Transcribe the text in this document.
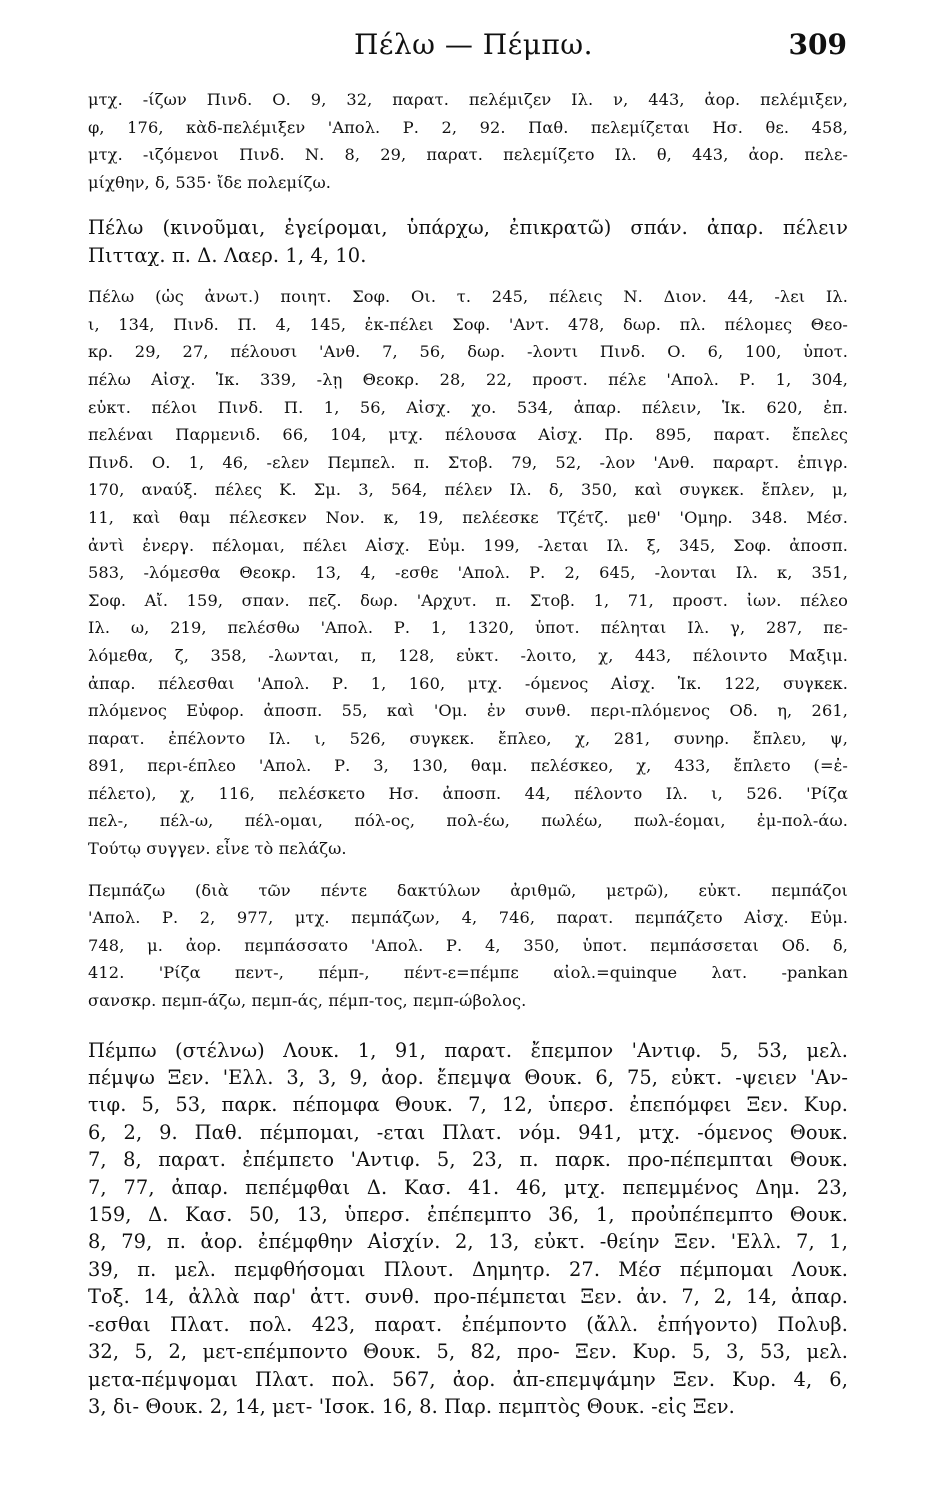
Πέλω — Πέμπω.	309
μτχ. -ίζων Πινδ. Ο. 9, 32, παρατ. πελέμιζεν Ιλ. ν, 443, ἀορ. πελέμιξεν,
φ, 176, κὰδ-πελέμιξεν 'Απολ. Ρ. 2, 92. Παθ. πελεμίζεται Ησ. θε. 458,
μτχ. -ιζόμενοι Πινδ. Ν. 8, 29, παρατ. πελεμίζετο Ιλ. θ, 443, ἀορ. πελε-
μίχθην, δ, 535· ἴδε πολεμίζω.
Πέλω (κινοῦμαι, ἐγείρομαι, ὑπάρχω, ἐπικρατῶ) σπάν. ἀπαρ. πέλειν
Πιτταχ. π. Δ. Λαερ. 1, 4, 10.
Πέλω (ὡς ἀνωτ.) ποιητ. Σοφ. Οι. τ. 245, πέλεις Ν. Διον. 44, -λει Ιλ.
ι, 134, Πινδ. Π. 4, 145, ἐκ-πέλει Σοφ. 'Αντ. 478, δωρ. πλ. πέλομες Θεο-
κρ. 29, 27, πέλουσι 'Ανθ. 7, 56, δωρ. -λοντι Πινδ. Ο. 6, 100, ὑποτ.
πέλω Αἰσχ. Ἱκ. 339, -λῃ Θεοκρ. 28, 22, προστ. πέλε 'Απολ. Ρ. 1, 304,
εὐκτ. πέλοι Πινδ. Π. 1, 56, Αἰσχ. χο. 534, ἀπαρ. πέλειν, Ἱκ. 620, ἐπ.
πελέναι Παρμενιδ. 66, 104, μτχ. πέλουσα Αἰσχ. Πρ. 895, παρατ. ἔπελες
Πινδ. Ο. 1, 46, -ελεν Πεμπελ. π. Στοβ. 79, 52, -λον 'Ανθ. παραρτ. ἐπιγρ.
170, αναύξ. πέλες Κ. Σμ. 3, 564, πέλεν Ιλ. δ, 350, καὶ συγκεκ. ἔπλεν, μ,
11, καὶ θαμ πέλεσκεν Νον. κ, 19, πελέεσκε Τζέτζ. μεθ' 'Ομηρ. 348. Μέσ.
ἀντὶ ἐνεργ. πέλομαι, πέλει Αἰσχ. Εὐμ. 199, -λεται Ιλ. ξ, 345, Σοφ. ἀποσπ.
583, -λόμεσθα Θεοκρ. 13, 4, -εσθε 'Απολ. Ρ. 2, 645, -λονται Ιλ. κ, 351,
Σοφ. Αἴ. 159, σπαν. πεζ. δωρ. 'Αρχυτ. π. Στοβ. 1, 71, προστ. ἰων. πέλεο
Ιλ. ω, 219, πελέσθω 'Απολ. Ρ. 1, 1320, ὑποτ. πέληται Ιλ. γ, 287, πε-
λόμεθα, ζ, 358, -λωνται, π, 128, εὐκτ. -λοιτο, χ, 443, πέλοιντο Μαξιμ.
ἀπαρ. πέλεσθαι 'Απολ. Ρ. 1, 160, μτχ. -όμενος Αἰσχ. Ἱκ. 122, συγκεκ.
πλόμενος Εὐφορ. ἀποσπ. 55, καὶ 'Ομ. ἐν συνθ. περι-πλόμενος Οδ. η, 261,
παρατ. ἐπέλοντο Ιλ. ι, 526, συγκεκ. ἔπλεο, χ, 281, συνηρ. ἔπλευ, ψ,
891, περι-έπλεο 'Απολ. Ρ. 3, 130, θαμ. πελέσκεο, χ, 433, ἔπλετο (=ἐ-
πέλετο), χ, 116, πελέσκετο Ησ. ἀποσπ. 44, πέλοντο Ιλ. ι, 526. 'Ρίζα
πελ-, πέλ-ω, πέλ-ομαι, πόλ-ος, πολ-έω, πωλέω, πωλ-έομαι, ἐμ-πολ-άω.
Τούτῳ συγγεν. εἶνε τὸ πελάζω.
Πεμπάζω (διὰ τῶν πέντε δακτύλων ἀριθμῶ, μετρῶ), εὐκτ. πεμπάζοι
'Απολ. Ρ. 2, 977, μτχ. πεμπάζων, 4, 746, παρατ. πεμπάζετο Αἰσχ. Εὐμ.
748, μ. ἀορ. πεμπάσσατο 'Απολ. Ρ. 4, 350, ὑποτ. πεμπάσσεται Οδ. δ,
412. 'Ρίζα πεντ-, πέμπ-, πέντ-ε=πέμπε αἰολ.=quinque λατ. -pankan
σανσκρ. πεμπ-άζω, πεμπ-άς, πέμπ-τος, πεμπ-ώβολος.
Πέμπω (στέλνω) Λουκ. 1, 91, παρατ. ἔπεμπον 'Αντιφ. 5, 53, μελ.
πέμψω Ξεν. 'Ελλ. 3, 3, 9, ἀορ. ἔπεμψα Θουκ. 6, 75, εὐκτ. -ψειεν 'Αν-
τιφ. 5, 53, παρκ. πέπομφα Θουκ. 7, 12, ὑπερσ. ἐπεπόμφει Ξεν. Κυρ.
6, 2, 9. Παθ. πέμπομαι, -εται Πλατ. νόμ. 941, μτχ. -όμενος Θουκ.
7, 8, παρατ. ἐπέμπετο 'Αντιφ. 5, 23, π. παρκ. προ-πέπεμπται Θουκ.
7, 77, ἀπαρ. πεπέμφθαι Δ. Κασ. 41. 46, μτχ. πεπεμμένος Δημ. 23,
159, Δ. Κασ. 50, 13, ὑπερσ. ἐπέπεμπτο 36, 1, προὐπέπεμπτο Θουκ.
8, 79, π. ἀορ. ἐπέμφθην Αἰσχίν. 2, 13, εὐκτ. -θείην Ξεν. 'Ελλ. 7, 1,
39, π. μελ. πεμφθήσομαι Πλουτ. Δημητρ. 27. Μέσ πέμπομαι Λουκ.
Τοξ. 14, ἀλλὰ παρ' ἀττ. συνθ. προ-πέμπεται Ξεν. ἀν. 7, 2, 14, ἀπαρ.
-εσθαι Πλατ. πολ. 423, παρατ. ἐπέμποντο (ἄλλ. ἐπήγοντο) Πολυβ.
32, 5, 2, μετ-επέμποντο Θουκ. 5, 82, προ- Ξεν. Κυρ. 5, 3, 53, μελ.
μετα-πέμψομαι Πλατ. πολ. 567, ἀορ. ἀπ-επεμψάμην Ξεν. Κυρ. 4, 6,
3, δι- Θουκ. 2, 14, μετ- 'Ισοκ. 16, 8. Παρ. πεμπτὸς Θουκ. -εἰς Ξεν.
